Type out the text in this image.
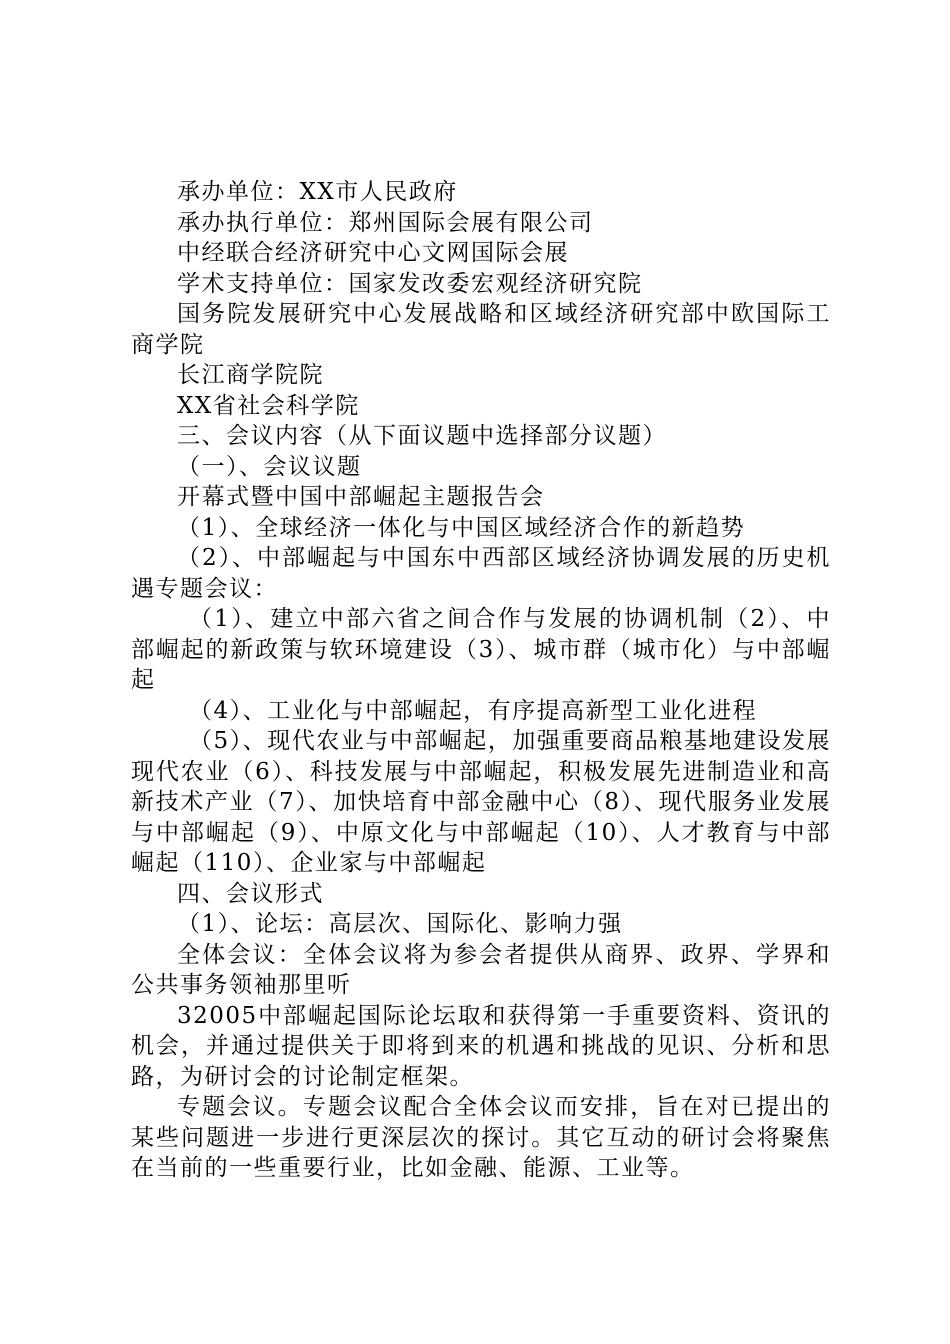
承办单位：XX市人民政府

承办执行单位：郑州国际会展有限公司

中经联合经济研究中心文网国际会展

学术支持单位：国家发改委宏观经济研究院

国务院发展研究中心发展战略和区域经济研究部中欧国际工商学院

长江商学院院

XX省社会科学院

三、会议内容（从下面议题中选择部分议题）

（一）、会议议题

开幕式暨中国中部崛起主题报告会

（1）、全球经济一体化与中国区域经济合作的新趋势

（2）、中部崛起与中国东中西部区域经济协调发展的历史机遇专题会议：

（1）、建立中部六省之间合作与发展的协调机制（2）、中部崛起的新政策与软环境建设（3）、城市群（城市化）与中部崛起

（4）、工业化与中部崛起，有序提高新型工业化进程

（5）、现代农业与中部崛起，加强重要商品粮基地建设发展现代农业（6）、科技发展与中部崛起，积极发展先进制造业和高新技术产业（7）、加快培育中部金融中心（8）、现代服务业发展与中部崛起（9）、中原文化与中部崛起（10）、人才教育与中部崛起（110）、企业家与中部崛起

四、会议形式

（1）、论坛：高层次、国际化、影响力强

全体会议：全体会议将为参会者提供从商界、政界、学界和公共事务领袖那里听

32005中部崛起国际论坛取和获得第一手重要资料、资讯的机会，并通过提供关于即将到来的机遇和挑战的见识、分析和思路，为研讨会的讨论制定框架。

专题会议。专题会议配合全体会议而安排，旨在对已提出的某些问题进一步进行更深层次的探讨。其它互动的研讨会将聚焦在当前的一些重要行业，比如金融、能源、工业等。
